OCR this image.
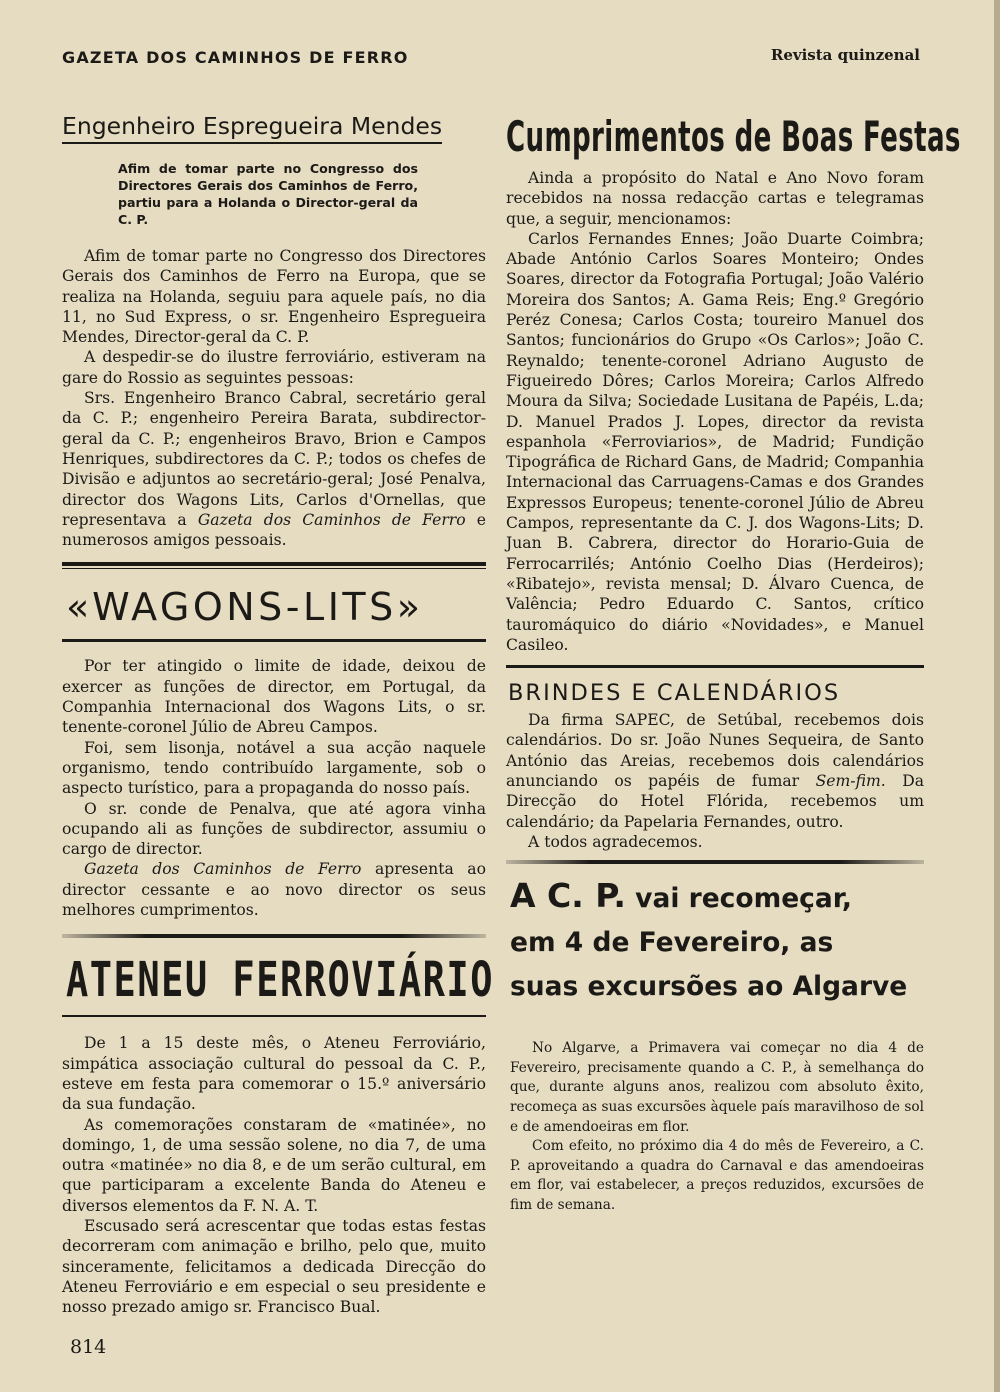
GAZETA DOS CAMINHOS DE FERRO	Revista quinzenal
Engenheiro Espregueira Mendes
Afim de tomar parte no Congresso dos Directores Gerais dos Caminhos de Ferro, partiu para a Holanda o Director-geral da C. P.

Afim de tomar parte no Congresso dos Directores Gerais dos Caminhos de Ferro na Europa, que se realiza na Holanda, seguiu para aquele país, no dia 11, no Sud Express, o sr. Engenheiro Espregueira Mendes, Director-geral da C. P.

A despedir-se do ilustre ferroviário, estiveram na gare do Rossio as seguintes pessoas:

Srs. Engenheiro Branco Cabral, secretário geral da C. P.; engenheiro Pereira Barata, subdirector-geral da C. P.; engenheiros Bravo, Brion e Campos Henriques, subdirectores da C. P.; todos os chefes de Divisão e adjuntos ao secretário-geral; José Penalva, director dos Wagons Lits, Carlos d'Ornellas, que representava a Gazeta dos Caminhos de Ferro e numerosos amigos pessoais.

«WAGONS-LITS»

Por ter atingido o limite de idade, deixou de exercer as funções de director, em Portugal, da Companhia Internacional dos Wagons Lits, o sr. tenente-coronel Júlio de Abreu Campos.

Foi, sem lisonja, notável a sua acção naquele organismo, tendo contribuído largamente, sob o aspecto turístico, para a propaganda do nosso país.

O sr. conde de Penalva, que até agora vinha ocupando ali as funções de subdirector, assumiu o cargo de director.

Gazeta dos Caminhos de Ferro apresenta ao director cessante e ao novo director os seus melhores cumprimentos.

ATENEU FERROVIÁRIO

De 1 a 15 deste mês, o Ateneu Ferroviário, simpática associação cultural do pessoal da C. P., esteve em festa para comemorar o 15.º aniversário da sua fundação.

As comemorações constaram de «matinée», no domingo, 1, de uma sessão solene, no dia 7, de uma outra «matinée» no dia 8, e de um serão cultural, em que participaram a excelente Banda do Ateneu e diversos elementos da F. N. A. T.

Escusado será acrescentar que todas estas festas decorreram com animação e brilho, pelo que, muito sinceramente, felicitamos a dedicada Direcção do Ateneu Ferroviário e em especial o seu presidente e nosso prezado amigo sr. Francisco Bual.

Cumprimentos de Boas Festas

Ainda a propósito do Natal e Ano Novo foram recebidos na nossa redacção cartas e telegramas que, a seguir, mencionamos:

Carlos Fernandes Ennes; João Duarte Coimbra; Abade António Carlos Soares Monteiro; Ondes Soares, director da Fotografia Portugal; João Valério Moreira dos Santos; A. Gama Reis; Eng.º Gregório Peréz Conesa; Carlos Costa; toureiro Manuel dos Santos; funcionários do Grupo «Os Carlos»; João C. Reynaldo; tenente-coronel Adriano Augusto de Figueiredo Dôres; Carlos Moreira; Carlos Alfredo Moura da Silva; Sociedade Lusitana de Papéis, L.da; D. Manuel Prados J. Lopes, director da revista espanhola «Ferroviarios», de Madrid; Fundição Tipográfica de Richard Gans, de Madrid; Companhia Internacional das Carruagens-Camas e dos Grandes Expressos Europeus; tenente-coronel Júlio de Abreu Campos, representante da C. J. dos Wagons-Lits; D. Juan B. Cabrera, director do Horario-Guia de Ferrocarrilés; António Coelho Dias (Herdeiros); «Ribatejo», revista mensal; D. Álvaro Cuenca, de Valência; Pedro Eduardo C. Santos, crítico tauromáquico do diário «Novidades», e Manuel Casileo.

BRINDES E CALENDÁRIOS

Da firma SAPEC, de Setúbal, recebemos dois calendários. Do sr. João Nunes Sequeira, de Santo António das Areias, recebemos dois calendários anunciando os papéis de fumar Sem-fim. Da Direcção do Hotel Flórida, recebemos um calendário; da Papelaria Fernandes, outro.

A todos agradecemos.

A C. P. vai recomeçar,
em 4 de Fevereiro, as
suas excursões ao Algarve

No Algarve, a Primavera vai começar no dia 4 de Fevereiro, precisamente quando a C. P., à semelhança do que, durante alguns anos, realizou com absoluto êxito, recomeça as suas excursões àquele país maravilhoso de sol e de amendoeiras em flor.

Com efeito, no próximo dia 4 do mês de Fevereiro, a C. P. aproveitando a quadra do Carnaval e das amendoeiras em flor, vai estabelecer, a preços reduzidos, excursões de fim de semana.

814
